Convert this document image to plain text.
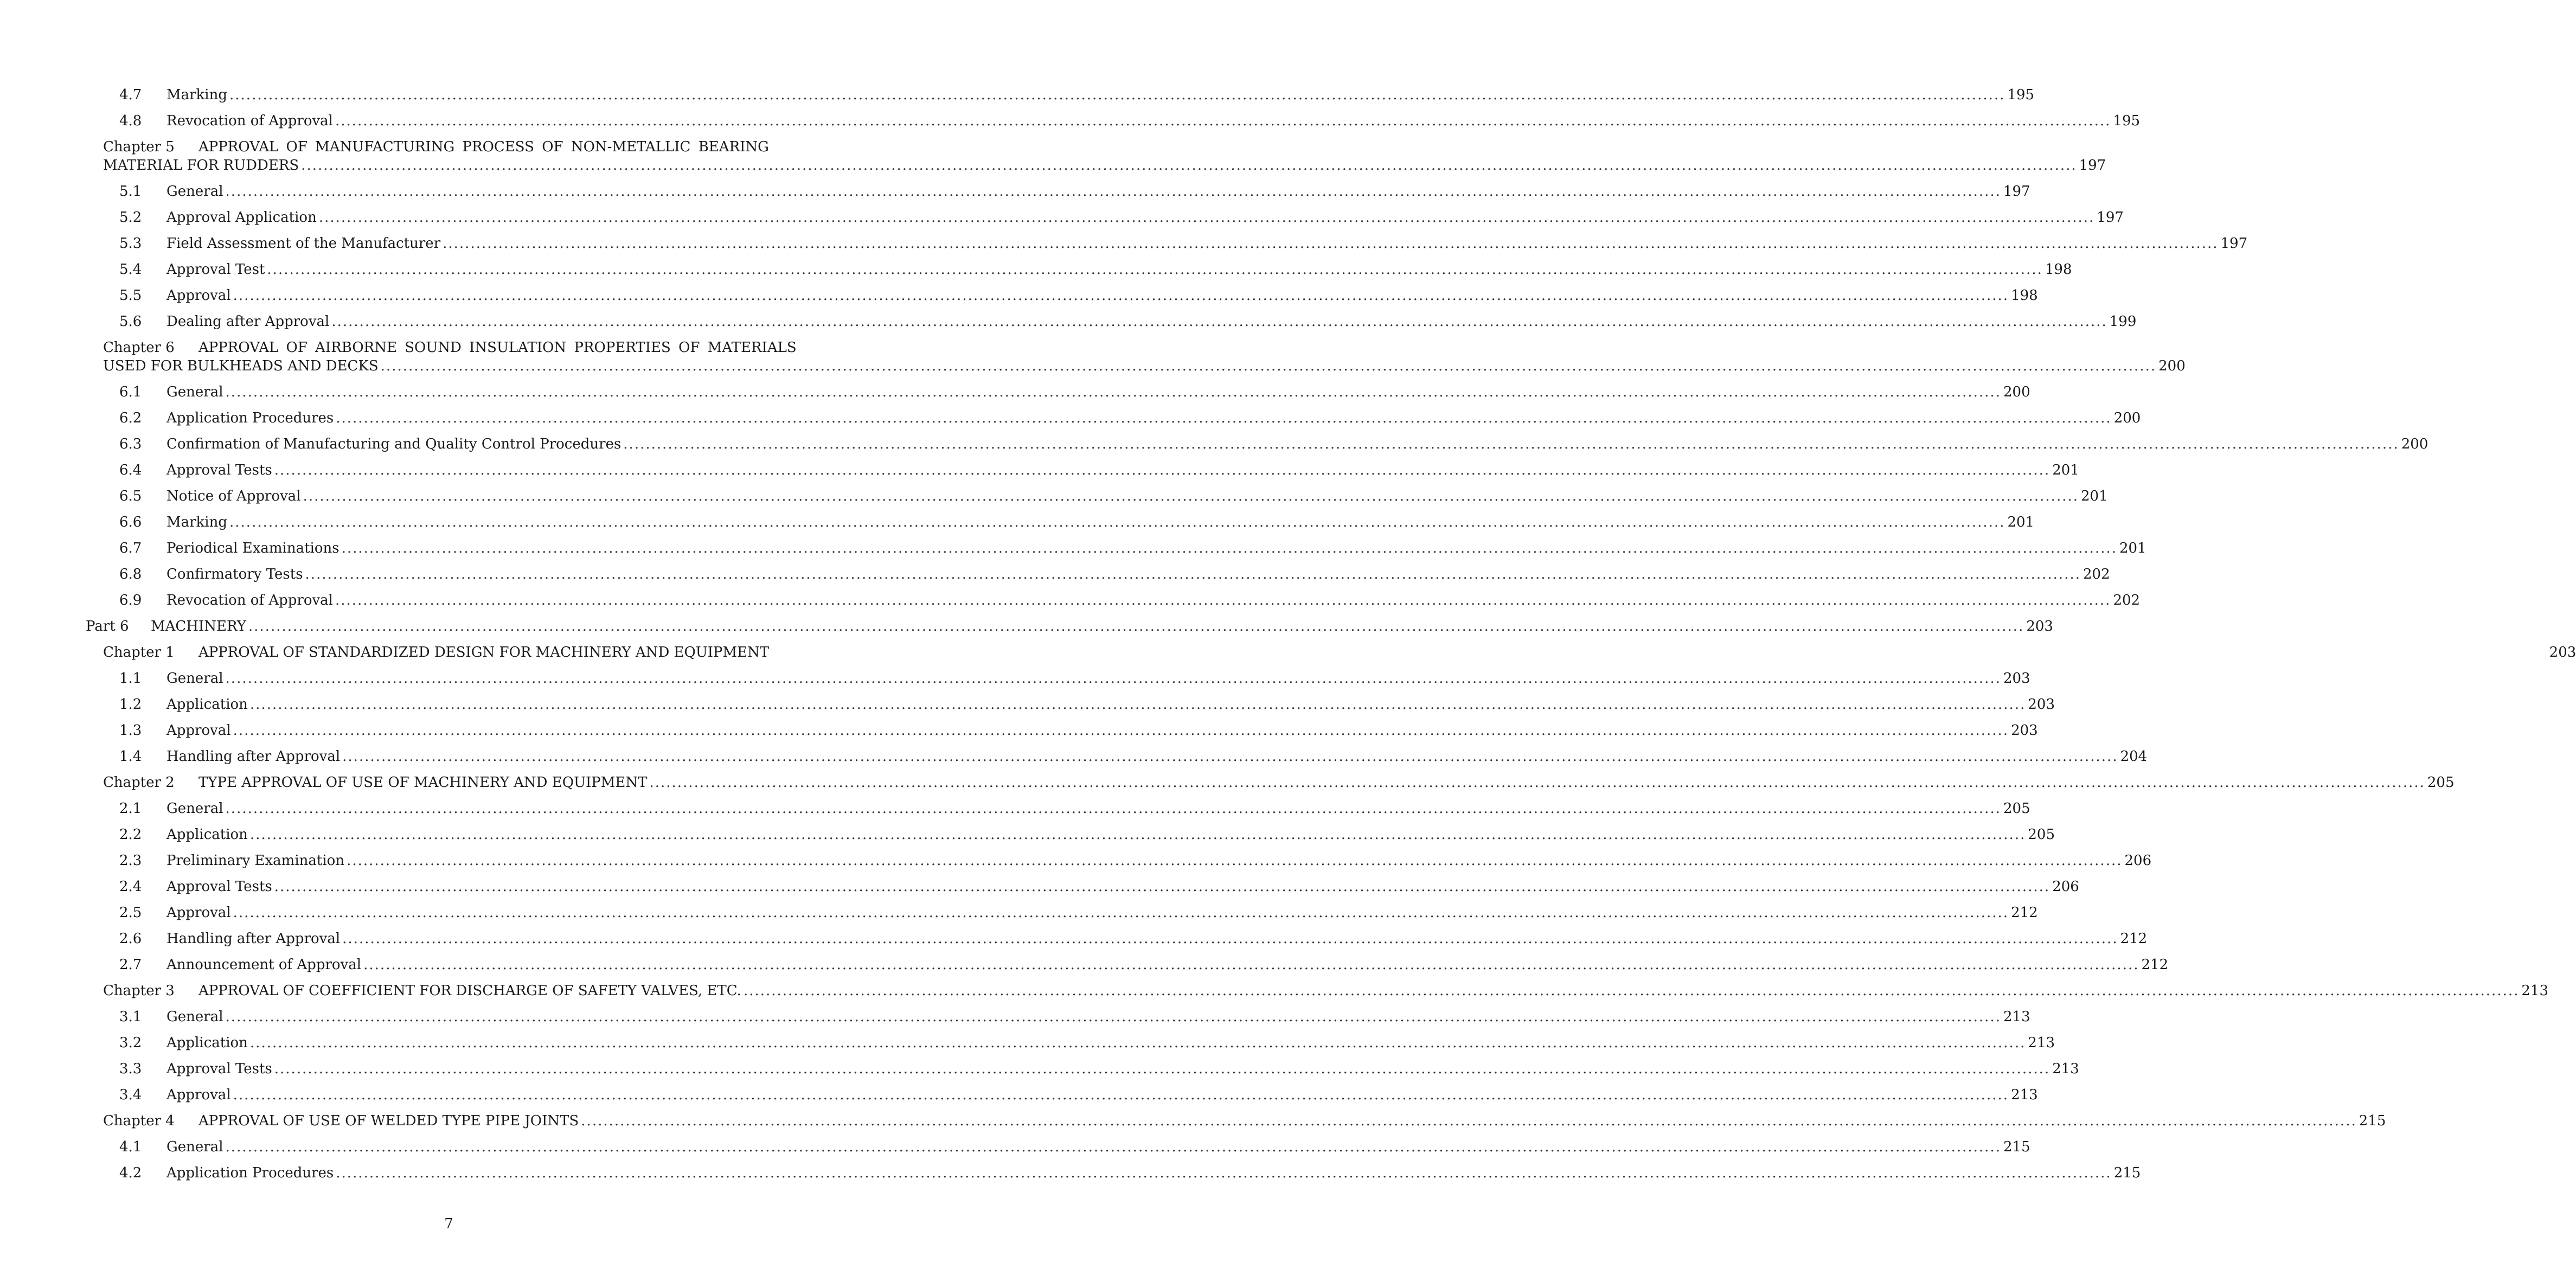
4.7	Marking .....	195
4.8	Revocation of Approval .....	195
Chapter 5	APPROVAL OF MANUFACTURING PROCESS OF NON-METALLIC BEARING
MATERIAL FOR RUDDERS .....	197
5.1	General .....	197
5.2	Approval Application .....	197
5.3	Field Assessment of the Manufacturer .....	197
5.4	Approval Test .....	198
5.5	Approval .....	198
5.6	Dealing after Approval .....	199
Chapter 6	APPROVAL OF AIRBORNE SOUND INSULATION PROPERTIES OF MATERIALS
USED FOR BULKHEADS AND DECKS .....	200
6.1	General .....	200
6.2	Application Procedures .....	200
6.3	Confirmation of Manufacturing and Quality Control Procedures .....	200
6.4	Approval Tests .....	201
6.5	Notice of Approval .....	201
6.6	Marking .....	201
6.7	Periodical Examinations .....	201
6.8	Confirmatory Tests .....	202
6.9	Revocation of Approval .....	202
Part 6	MACHINERY .....	203
Chapter 1	APPROVAL OF STANDARDIZED DESIGN FOR MACHINERY AND EQUIPMENT	203
1.1	General .....	203
1.2	Application .....	203
1.3	Approval .....	203
1.4	Handling after Approval .....	204
Chapter 2	TYPE APPROVAL OF USE OF MACHINERY AND EQUIPMENT .....	205
2.1	General .....	205
2.2	Application .....	205
2.3	Preliminary Examination .....	206
2.4	Approval Tests .....	206
2.5	Approval .....	212
2.6	Handling after Approval .....	212
2.7	Announcement of Approval .....	212
Chapter 3	APPROVAL OF COEFFICIENT FOR DISCHARGE OF SAFETY VALVES, ETC. .....	213
3.1	General .....	213
3.2	Application .....	213
3.3	Approval Tests .....	213
3.4	Approval .....	213
Chapter 4	APPROVAL OF USE OF WELDED TYPE PIPE JOINTS .....	215
4.1	General .....	215
4.2	Application Procedures .....	215
7
